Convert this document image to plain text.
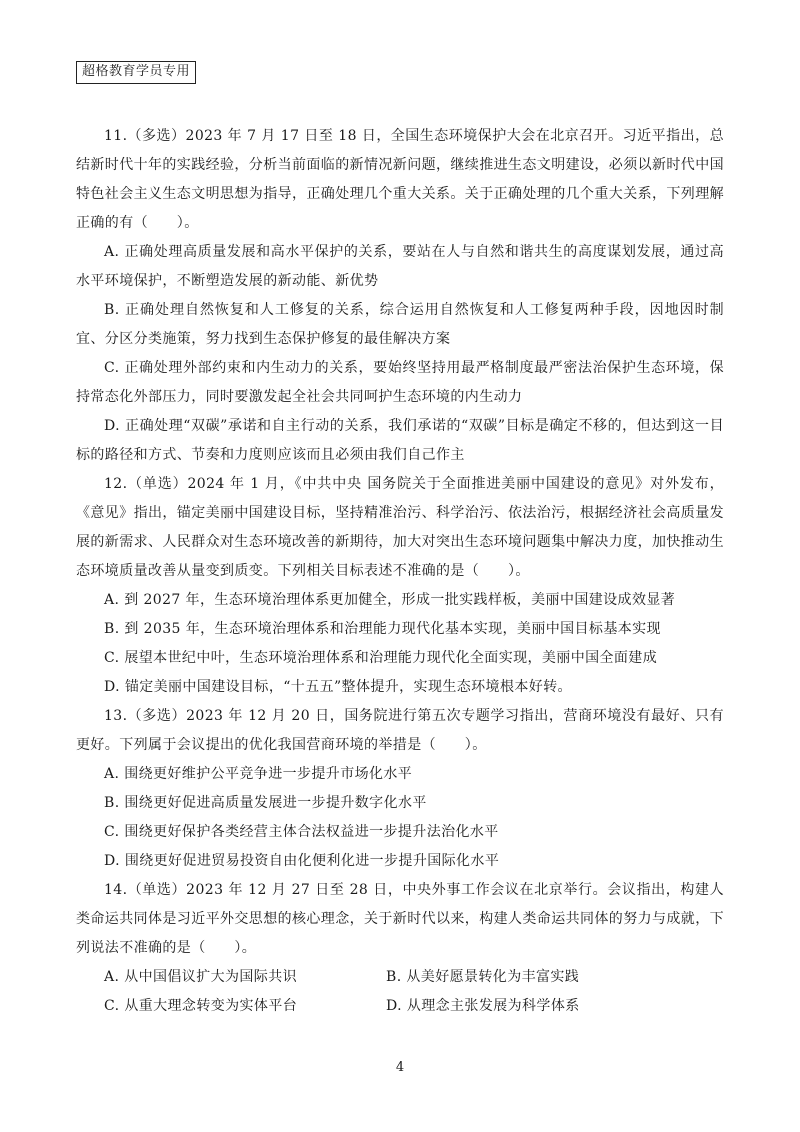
超格教育学员专用

11.（多选）2023 年 7 月 17 日至 18 日，全国生态环境保护大会在北京召开。习近平指出，总结新时代十年的实践经验，分析当前面临的新情况新问题，继续推进生态文明建设，必须以新时代中国特色社会主义生态文明思想为指导，正确处理几个重大关系。关于正确处理的几个重大关系，下列理解正确的有（　　）。

A. 正确处理高质量发展和高水平保护的关系，要站在人与自然和谐共生的高度谋划发展，通过高水平环境保护，不断塑造发展的新动能、新优势

B. 正确处理自然恢复和人工修复的关系，综合运用自然恢复和人工修复两种手段，因地因时制宜、分区分类施策，努力找到生态保护修复的最佳解决方案

C. 正确处理外部约束和内生动力的关系，要始终坚持用最严格制度最严密法治保护生态环境，保持常态化外部压力，同时要激发起全社会共同呵护生态环境的内生动力

D. 正确处理“双碳”承诺和自主行动的关系，我们承诺的“双碳”目标是确定不移的，但达到这一目标的路径和方式、节奏和力度则应该而且必须由我们自己作主

12.（单选）2024 年 1 月，《中共中央 国务院关于全面推进美丽中国建设的意见》对外发布，《意见》指出，锚定美丽中国建设目标，坚持精准治污、科学治污、依法治污，根据经济社会高质量发展的新需求、人民群众对生态环境改善的新期待，加大对突出生态环境问题集中解决力度，加快推动生态环境质量改善从量变到质变。下列相关目标表述不准确的是（　　）。

A. 到 2027 年，生态环境治理体系更加健全，形成一批实践样板，美丽中国建设成效显著

B. 到 2035 年，生态环境治理体系和治理能力现代化基本实现，美丽中国目标基本实现

C. 展望本世纪中叶，生态环境治理体系和治理能力现代化全面实现，美丽中国全面建成

D. 锚定美丽中国建设目标，“十五五”整体提升，实现生态环境根本好转。

13.（多选）2023 年 12 月 20 日，国务院进行第五次专题学习指出，营商环境没有最好、只有更好。下列属于会议提出的优化我国营商环境的举措是（　　）。

A. 围绕更好维护公平竞争进一步提升市场化水平

B. 围绕更好促进高质量发展进一步提升数字化水平

C. 围绕更好保护各类经营主体合法权益进一步提升法治化水平

D. 围绕更好促进贸易投资自由化便利化进一步提升国际化水平

14.（单选）2023 年 12 月 27 日至 28 日，中央外事工作会议在北京举行。会议指出，构建人类命运共同体是习近平外交思想的核心理念，关于新时代以来，构建人类命运共同体的努力与成就，下列说法不准确的是（　　）。

A. 从中国倡议扩大为国际共识	B. 从美好愿景转化为丰富实践
C. 从重大理念转变为实体平台	D. 从理念主张发展为科学体系
4
